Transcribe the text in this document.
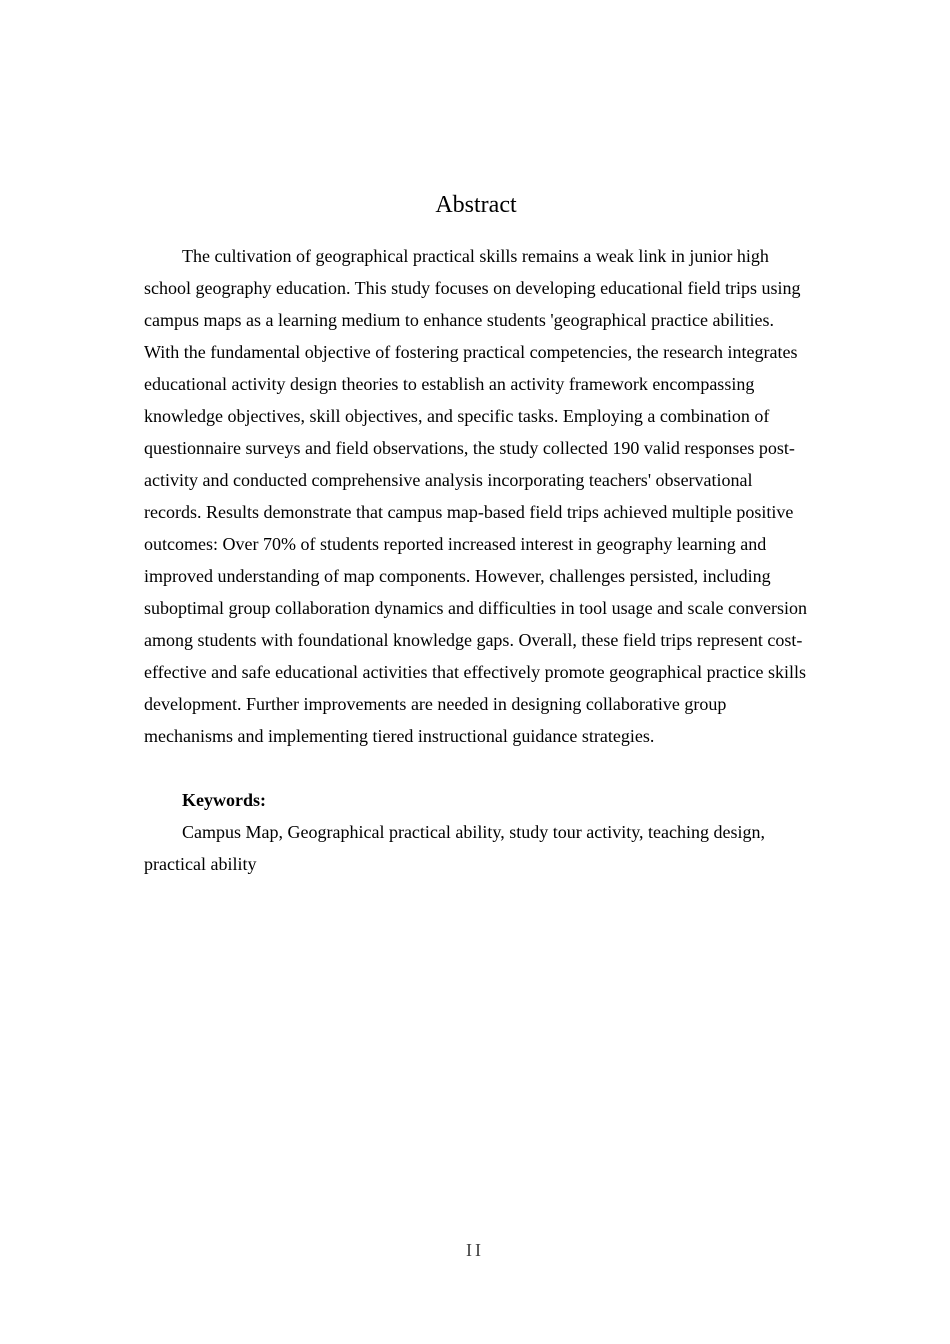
Abstract

The cultivation of geographical practical skills remains a weak link in junior high school geography education. This study focuses on developing educational field trips using campus maps as a learning medium to enhance students 'geographical practice abilities. With the fundamental objective of fostering practical competencies, the research integrates educational activity design theories to establish an activity framework encompassing knowledge objectives, skill objectives, and specific tasks. Employing a combination of questionnaire surveys and field observations, the study collected 190 valid responses post-activity and conducted comprehensive analysis incorporating teachers' observational records. Results demonstrate that campus map-based field trips achieved multiple positive outcomes: Over 70% of students reported increased interest in geography learning and improved understanding of map components. However, challenges persisted, including suboptimal group collaboration dynamics and difficulties in tool usage and scale conversion among students with foundational knowledge gaps. Overall, these field trips represent cost-effective and safe educational activities that effectively promote geographical practice skills development. Further improvements are needed in designing collaborative group mechanisms and implementing tiered instructional guidance strategies.

Keywords:

Campus Map, Geographical practical ability, study tour activity, teaching design, practical ability

II
